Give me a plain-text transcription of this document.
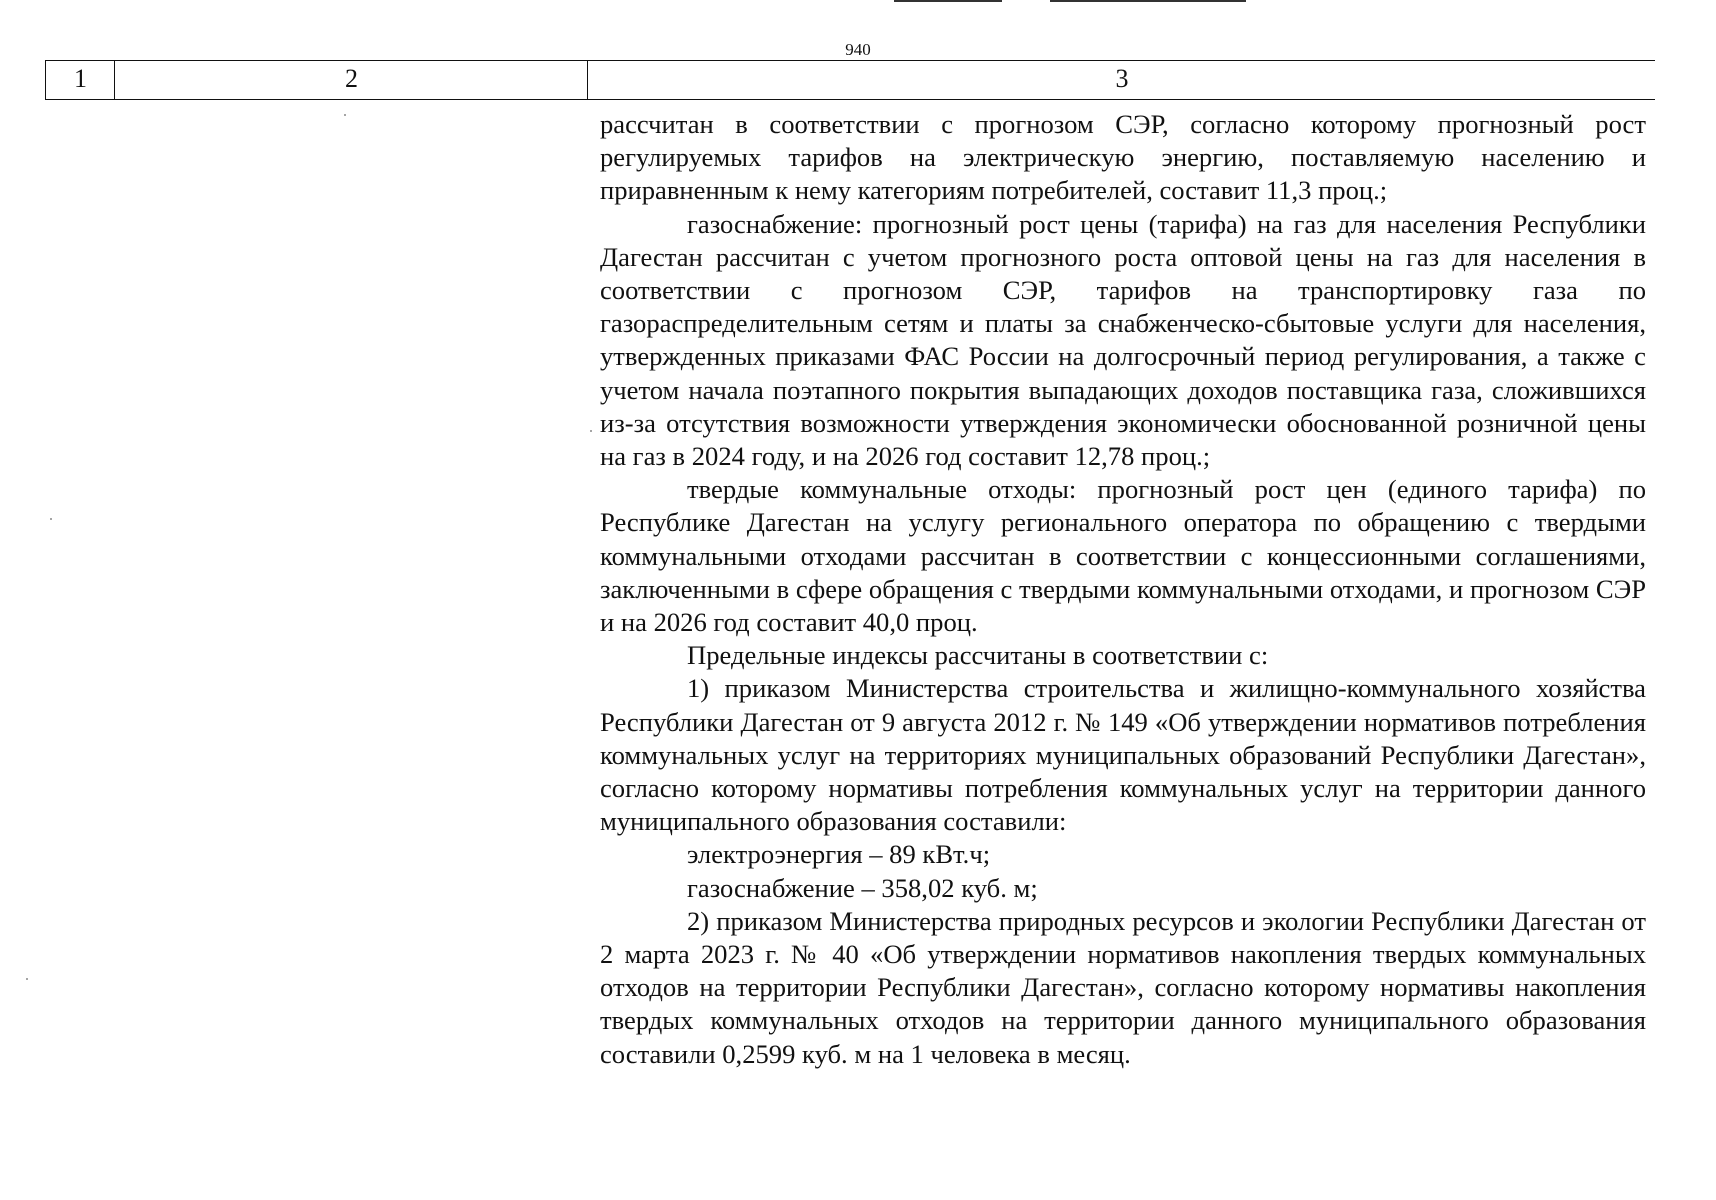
940
1	2	3

рассчитан в соответствии с прогнозом СЭР, согласно которому прогнозный рост регулируемых тарифов на электрическую энергию, поставляемую населению и приравненным к нему категориям потребителей, составит 11,3 проц.;

газоснабжение: прогнозный рост цены (тарифа) на газ для населения Республики Дагестан рассчитан с учетом прогнозного роста оптовой цены на газ для населения в соответствии с прогнозом СЭР, тарифов на транспортировку газа по газораспределительным сетям и платы за снабженческо-сбытовые услуги для населения, утвержденных приказами ФАС России на долгосрочный период регулирования, а также с учетом начала поэтапного покрытия выпадающих доходов поставщика газа, сложившихся из-за отсутствия возможности утверждения экономически обоснованной розничной цены на газ в 2024 году, и на 2026 год составит 12,78 проц.;

твердые коммунальные отходы: прогнозный рост цен (единого тарифа) по Республике Дагестан на услугу регионального оператора по обращению с твердыми коммунальными отходами рассчитан в соответствии с концессионными соглашениями, заключенными в сфере обращения с твердыми коммунальными отходами, и прогнозом СЭР и на 2026 год составит 40,0 проц.

Предельные индексы рассчитаны в соответствии с:

1) приказом Министерства строительства и жилищно-коммунального хозяйства Республики Дагестан от 9 августа 2012 г. № 149 «Об утверждении нормативов потребления коммунальных услуг на территориях муниципальных образований Республики Дагестан», согласно которому нормативы потребления коммунальных услуг на территории данного муниципального образования составили:

электроэнергия – 89 кВт.ч;

газоснабжение – 358,02 куб. м;

2) приказом Министерства природных ресурсов и экологии Республики Дагестан от 2 марта 2023 г. № 40 «Об утверждении нормативов накопления твердых коммунальных отходов на территории Республики Дагестан», согласно которому нормативы накопления твердых коммунальных отходов на территории данного муниципального образования составили 0,2599 куб. м на 1 человека в месяц.
